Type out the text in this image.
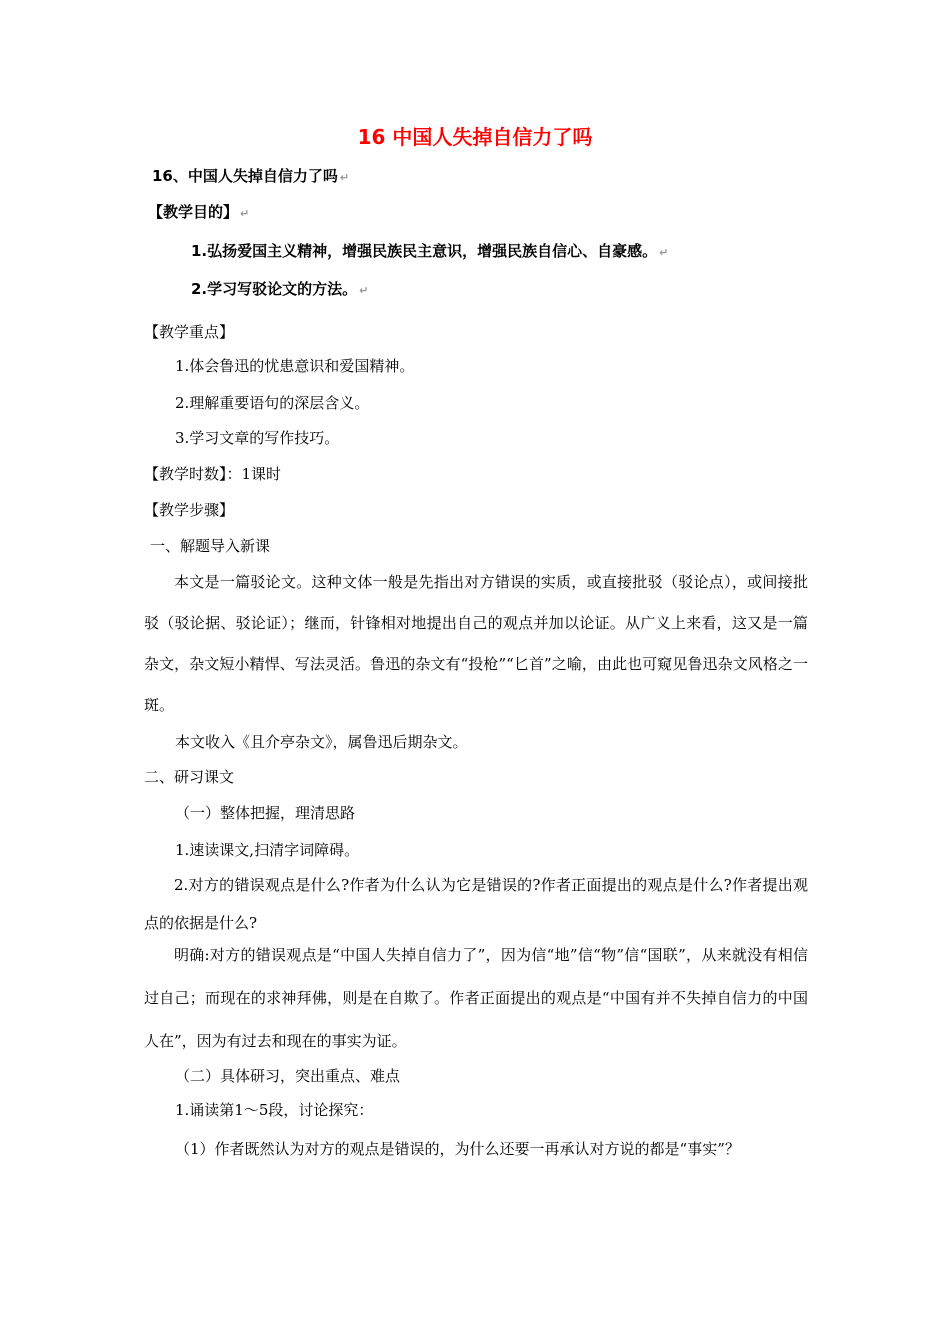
16 中国人失掉自信力了吗
16、中国人失掉自信力了吗 ↵
【教学目的】 ↵
1.弘扬爱国主义精神，增强民族民主意识，增强民族自信心、自豪感。 ↵
2.学习写驳论文的方法。 ↵
【教学重点】
1.体会鲁迅的忧患意识和爱国精神。
2.理解重要语句的深层含义。
3.学习文章的写作技巧。
【教学时数】：1课时
【教学步骤】
一、解题导入新课
本文是一篇驳论文。这种文体一般是先指出对方错误的实质，或直接批驳（驳论点），或间接批驳（驳论据、驳论证）；继而，针锋相对地提出自己的观点并加以论证。从广义上来看，这又是一篇杂文，杂文短小精悍、写法灵活。鲁迅的杂文有“投枪”“匕首”之喻，由此也可窥见鲁迅杂文风格之一斑。
本文收入《且介亭杂文》，属鲁迅后期杂文。
二、研习课文
（一）整体把握，理清思路
1.速读课文,扫清字词障碍。
2.对方的错误观点是什么?作者为什么认为它是错误的?作者正面提出的观点是什么?作者提出观点的依据是什么?
明确:对方的错误观点是“中国人失掉自信力了”，因为信“地”信“物”信“国联”，从来就没有相信过自己；而现在的求神拜佛，则是在自欺了。作者正面提出的观点是“中国有并不失掉自信力的中国人在”，因为有过去和现在的事实为证。
（二）具体研习，突出重点、难点
1.诵读第1～5段，讨论探究：
（1）作者既然认为对方的观点是错误的，为什么还要一再承认对方说的都是“事实”？
